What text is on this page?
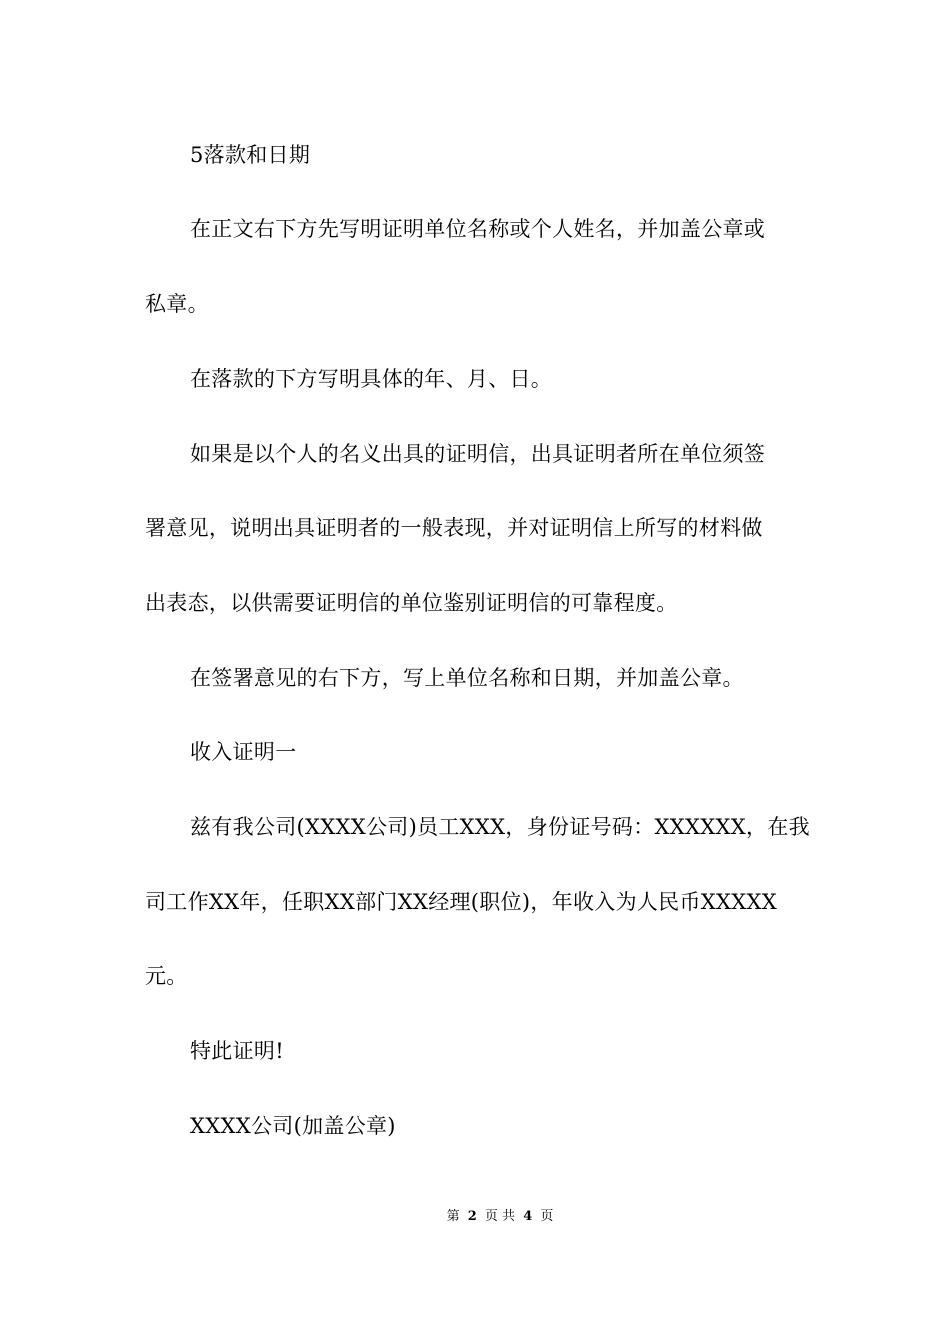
5落款和日期
在正文右下方先写明证明单位名称或个人姓名，并加盖公章或
私章。
在落款的下方写明具体的年、月、日。
如果是以个人的名义出具的证明信，出具证明者所在单位须签
署意见，说明出具证明者的一般表现，并对证明信上所写的材料做
出表态，以供需要证明信的单位鉴别证明信的可靠程度。
在签署意见的右下方，写上单位名称和日期，并加盖公章。
收入证明一
兹有我公司(XXXX公司)员工XXX，身份证号码：XXXXXX，在我
司工作XX年，任职XX部门XX经理(职位)，年收入为人民币XXXXX
元。
特此证明!
XXXX公司(加盖公章)
第 2 页 共 4 页
